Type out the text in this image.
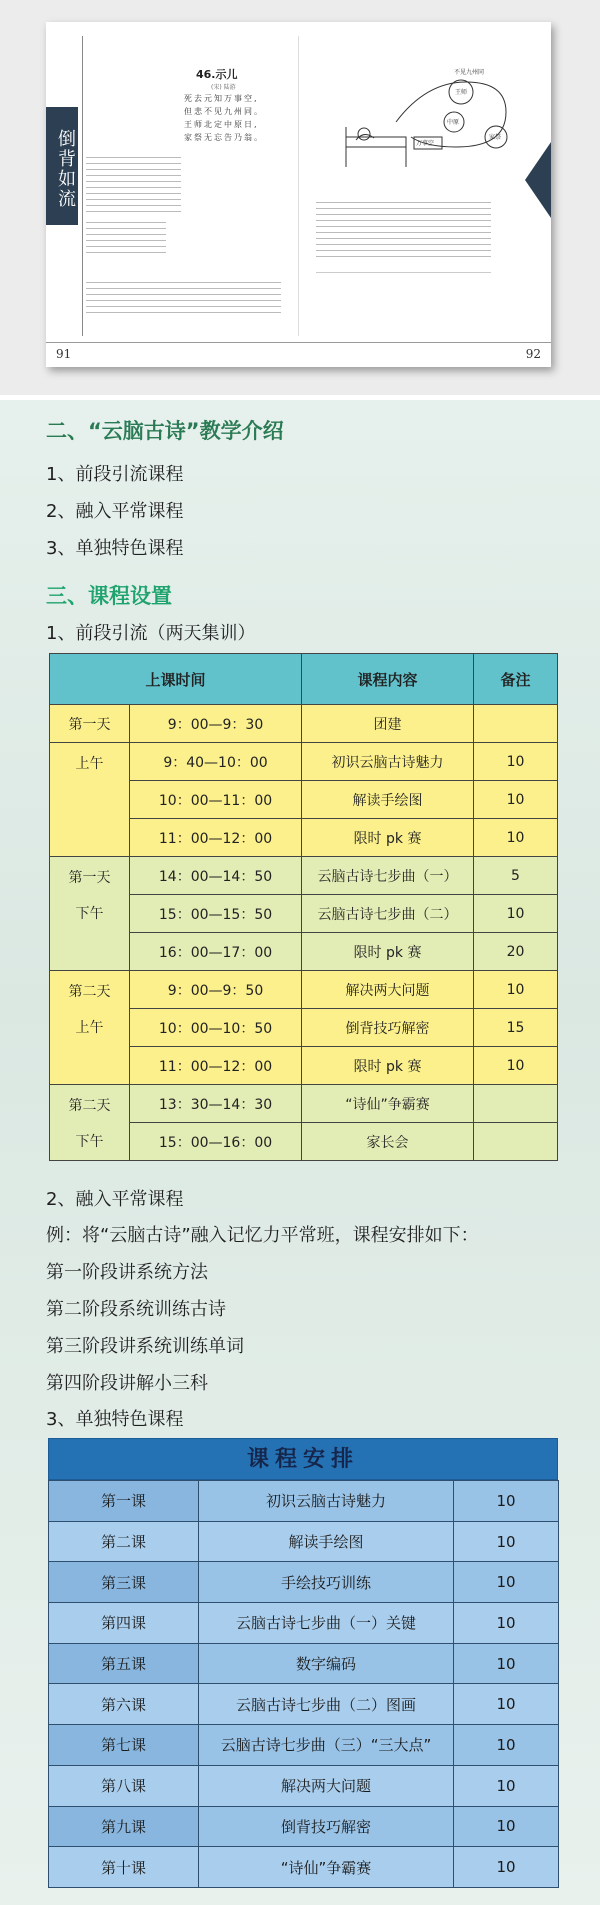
倒背如流
46.示儿
(宋) 陆游
死去元知万事空,
但悲不见九州同。
王师北定中原日,
家祭无忘告乃翁。
不见九州同
王师
中原
万事空
家祭
91	92
二、“云脑古诗”教学介绍
1、前段引流课程
2、融入平常课程
3、单独特色课程
三、课程设置
1、前段引流（两天集训）
上课时间		课程内容	备注

第一天	9：00—9：30	团建	

上午	9：40—10：00	初识云脑古诗魅力	10
	10：00—11：00	解读手绘图	10
	11：00—12：00	限时 pk 赛	10

第一天
下午	14：00—14：50	云脑古诗七步曲（一）	5
	15：00—15：50	云脑古诗七步曲（二）	10
	16：00—17：00	限时 pk 赛	20

第二天
上午	9：00—9：50	解决两大问题	10
	10：00—10：50	倒背技巧解密	15
	11：00—12：00	限时 pk 赛	10

第二天
下午	13：30—14：30	“诗仙”争霸赛	
	15：00—16：00	家长会	
2、融入平常课程
例：将“云脑古诗”融入记忆力平常班，课程安排如下：
第一阶段讲系统方法
第二阶段系统训练古诗
第三阶段讲系统训练单词
第四阶段讲解小三科
3、单独特色课程
课程安排
第一课	初识云脑古诗魅力	10
第二课	解读手绘图	10
第三课	手绘技巧训练	10
第四课	云脑古诗七步曲（一）关键	10
第五课	数字编码	10
第六课	云脑古诗七步曲（二）图画	10
第七课	云脑古诗七步曲（三）“三大点”	10
第八课	解决两大问题	10
第九课	倒背技巧解密	10
第十课	“诗仙”争霸赛	10
